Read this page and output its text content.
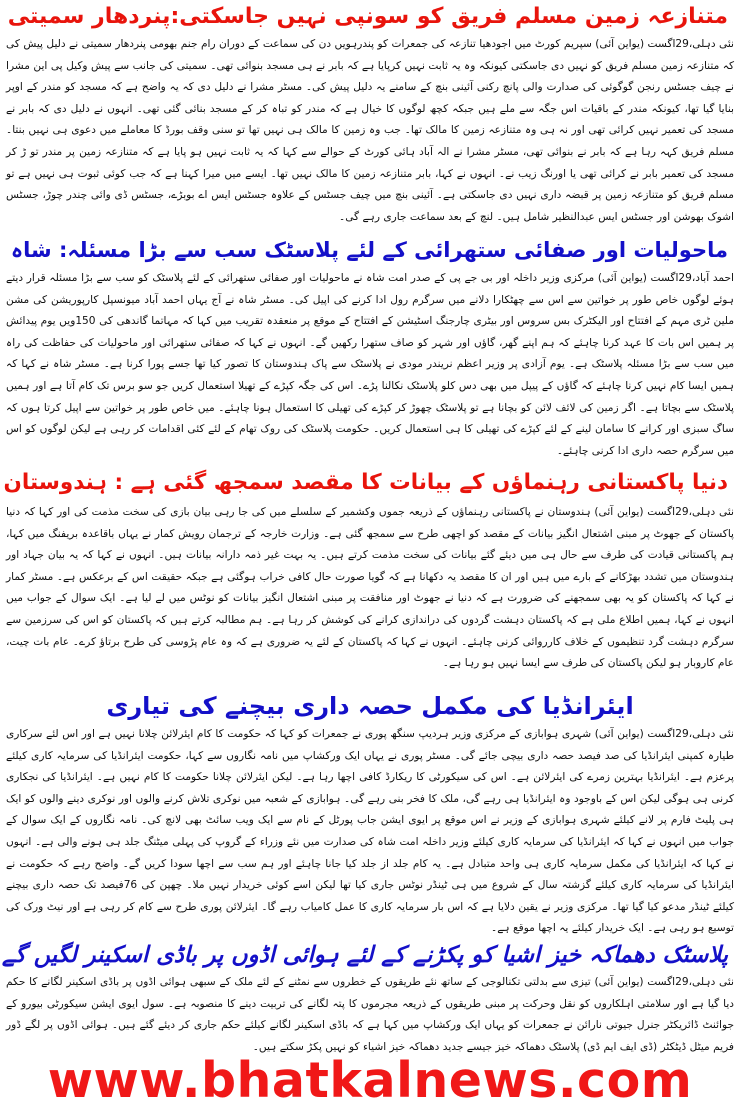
متنازعہ زمین مسلم فریق کو سونپی نہیں جاسکتی:پنردھار سمیتی

نئی دہلی،29اگست (یواین آئی) سپریم کورٹ میں اجودھیا تنازعہ کی جمعرات کو پندرہویں دن کی سماعت کے دوران رام جنم بھومی پنردھار سمیتی نے دلیل پیش کی کہ متنازعہ زمین مسلم فریق کو نہیں دی جاسکتی کیونکہ وہ یہ ثابت نہیں کرپایا ہے کہ بابر نے ہی مسجد بنوائی تھی۔ سمیتی کی جانب سے پیش وکیل پی این مشرا نے چیف جسٹس رنجن گوگوئی کی صدارت والی پانچ رکنی آئینی بنچ کے سامنے یہ دلیل پیش کی۔ مسٹر مشرا نے دلیل دی کہ یہ واضح ہے کہ مسجد کو مندر کے اوپر بنایا گیا تھا، کیونکہ مندر کے باقیات اس جگہ سے ملے ہیں جبکہ کچھ لوگوں کا خیال ہے کہ مندر کو تباہ کر کے مسجد بنائی گئی تھی۔ انہوں نے دلیل دی کہ بابر نے مسجد کی تعمیر نہیں کرائی تھی اور نہ ہی وہ متنازعہ زمین کا مالک تھا۔ جب وہ زمین کا مالک ہی نہیں تھا تو سنی وقف بورڈ کا معاملے میں دعوی ہی نہیں بنتا۔ مسلم فریق کہہ رہا ہے کہ بابر نے بنوائی تھی، مسٹر مشرا نے الہ آباد ہائی کورٹ کے حوالے سے کہا کہ یہ ثابت نہیں ہو پایا ہے کہ متنازعہ زمین پر مندر تو ڑ کر مسجد کی تعمیر بابر نے کرائی تھی یا اورنگ زیب نے۔ انہوں نے کہا، بابر متنازعہ زمین کا مالک نہیں تھا۔ ایسے میں میرا کہنا ہے کہ جب کوئی ثبوت ہی نہیں ہے تو مسلم فریق کو متنازعہ زمین پر قبضہ داری نہیں دی جاسکتی ہے۔ آئینی بنچ میں چیف جسٹس کے علاوہ جسٹس ایس اے بوبڑے، جسٹس ڈی وائی چندر چوڑ، جسٹس اشوک بھوشن اور جسٹس ایس عبدالنظیر شامل ہیں۔ لنچ کے بعد سماعت جاری رہے گی۔

ماحولیات اور صفائی ستھرائی کے لئے پلاسٹک سب سے بڑا مسئلہ: شاہ

احمد آباد،29اگست (یواین آئی) مرکزی وزیر داخلہ اور بی جے پی کے صدر امت شاہ نے ماحولیات اور صفائی ستھرائی کے لئے پلاسٹک کو سب سے بڑا مسئلہ قرار دیتے ہوئے لوگوں خاص طور پر خواتین سے اس سے چھٹکارا دلانے میں سرگرم رول ادا کرنے کی اپیل کی۔ مسٹر شاہ نے آج یہاں احمد آباد میونسپل کارپوریشن کی مشن ملین ٹری مہم کے افتتاح اور الیکٹرک بس سروس اور بیٹری چارجنگ اسٹیشن کے افتتاح کے موقع پر منعقدہ تقریب میں کہا کہ مہاتما گاندھی کی 150ویں یوم پیدائش پر ہمیں اس بات کا عہد کرنا چاہئے کہ ہم اپنے گھر، گاؤں اور شہر کو صاف ستھرا رکھیں گے۔ انہوں نے کہا کہ صفائی ستھرائی اور ماحولیات کی حفاظت کی راہ میں سب سے بڑا مسئلہ پلاسٹک ہے۔ یوم آزادی پر وزیر اعظم نریندر مودی نے پلاسٹک سے پاک ہندوستان کا تصور کیا تھا جسے پورا کرنا ہے۔ مسٹر شاہ نے کہا کہ ہمیں ایسا کام نہیں کرنا چاہئے کہ گاؤں کے پیپل میں بھی دس کلو پلاسٹک نکالنا پڑے۔ اس کی جگہ کپڑے کے تھیلا استعمال کریں جو سو برس تک کام آتا ہے اور ہمیں پلاسٹک سے بچاتا ہے۔ اگر زمین کی لائف لائن کو بچانا ہے تو پلاسٹک چھوڑ کر کپڑے کی تھیلی کا استعمال ہونا چاہئے۔ میں خاص طور پر خواتین سے اپیل کرتا ہوں کہ ساگ سبزی اور کرانے کا سامان لینے کے لئے کپڑے کی تھیلی کا ہی استعمال کریں۔ حکومت پلاسٹک کی روک تھام کے لئے کئی اقدامات کر رہی ہے لیکن لوگوں کو اس میں سرگرم حصہ داری ادا کرنی چاہئے۔

دنیا پاکستانی رہنماؤں کے بیانات کا مقصد سمجھ گئی ہے : ہندوستان

نئی دہلی،29اگست (یواین آئی) ہندوستان نے پاکستانی رہنماؤں کے ذریعہ جموں وکشمیر کے سلسلے میں کی جا رہی بیان بازی کی سخت مذمت کی اور کہا کہ دنیا پاکستان کے جھوٹ پر مبنی اشتعال انگیز بیانات کے مقصد کو اچھی طرح سے سمجھ گئی ہے۔ وزارت خارجہ کے ترجمان رویش کمار نے یہاں باقاعدہ بریفنگ میں کہا، ہم پاکستانی قیادت کی طرف سے حال ہی میں دیئے گئے بیانات کی سخت مذمت کرتے ہیں۔ یہ بہت غیر ذمہ دارانہ بیانات ہیں۔ انہوں نے کہا کہ یہ بیان جہاد اور ہندوستان میں تشدد بھڑکانے کے بارے میں ہیں اور ان کا مقصد یہ دکھانا ہے کہ گویا صورت حال کافی خراب ہوگئی ہے جبکہ حقیقت اس کے برعکس ہے۔ مسٹر کمار نے کہا کہ پاکستان کو یہ بھی سمجھنے کی ضرورت ہے کہ دنیا نے جھوٹ اور منافقت پر مبنی اشتعال انگیز بیانات کو نوٹس میں لے لیا ہے۔ ایک سوال کے جواب میں انہوں نے کہا، ہمیں اطلاع ملی ہے کہ پاکستان دہشت گردوں کی دراندازی کرانے کی کوشش کر رہا ہے۔ ہم مطالبہ کرتے ہیں کہ پاکستان کو اس کی سرزمین سے سرگرم دہشت گرد تنظیموں کے خلاف کارروائی کرنی چاہئے۔ انہوں نے کہا کہ پاکستان کے لئے یہ ضروری ہے کہ وہ عام پڑوسی کی طرح برتاؤ کرے۔ عام بات چیت، عام کاروبار ہو لیکن پاکستان کی طرف سے ایسا نہیں ہو رہا ہے۔

ایئرانڈیا کی مکمل حصہ داری بیچنے کی تیاری

نئی دہلی،29اگست (یواین آئی) شہری ہوابازی کے مرکزی وزیر ہردیپ سنگھ پوری نے جمعرات کو کہا کہ حکومت کا کام ایئرلائن چلانا نہیں ہے اور اس لئے سرکاری طیارہ کمپنی ایئرانڈیا کی صد فیصد حصہ داری بیچی جائے گی۔ مسٹر پوری نے یہاں ایک ورکشاپ میں نامہ نگاروں سے کہا، حکومت ایئرانڈیا کی سرمایہ کاری کیلئے پرعزم ہے۔ ایئرانڈیا بہترین زمرے کی ایئرلائن ہے۔ اس کی سیکورٹی کا ریکارڈ کافی اچھا رہا ہے۔ لیکن ایئرلائن چلانا حکومت کا کام نہیں ہے۔ ایئرانڈیا کی نجکاری کرنی ہی ہوگی لیکن اس کے باوجود وہ ایئرانڈیا ہی رہے گی، ملک کا فخر بنی رہے گی۔ ہوابازی کے شعبہ میں نوکری تلاش کرنے والوں اور نوکری دینے والوں کو ایک ہی پلیٹ فارم پر لانے کیلئے شہری ہوابازی کے وزیر نے اس موقع پر ایوی ایشن جاب پورٹل کے نام سے ایک ویب سائٹ بھی لانچ کی۔ نامہ نگاروں کے ایک سوال کے جواب میں انہوں نے کہا کہ ایئرانڈیا کی سرمایہ کاری کیلئے وزیر داخلہ امت شاہ کی صدارت میں نئے وزراء کے گروپ کی پہلی میٹنگ جلد ہی ہونے والی ہے۔ انہوں نے کہا کہ ایئرانڈیا کی مکمل سرمایہ کاری ہی واحد متبادل ہے۔ یہ کام جلد از جلد کیا جانا چاہئے اور ہم سب سے اچھا سودا کریں گے۔ واضح رہے کہ حکومت نے ایئرانڈیا کی سرمایہ کاری کیلئے گزشتہ سال کے شروع میں ہی ٹینڈر نوٹس جاری کیا تھا لیکن اسے کوئی خریدار نہیں ملا۔ چھپن کی 76فیصد تک حصہ داری بیچنے کیلئے ٹینڈر مدعو کیا گیا تھا۔ مرکزی وزیر نے یقین دلایا ہے کہ اس بار سرمایہ کاری کا عمل کامیاب رہے گا۔ ایئرلائن پوری طرح سے کام کر رہی ہے اور نیٹ ورک کی توسیع ہو رہی ہے۔ ایک خریدار کیلئے یہ اچھا موقع ہے۔

پلاسٹک دھماکہ خیز اشیا کو پکڑنے کے لئے ہوائی اڈوں پر باڈی اسکینر لگیں گے

نئی دہلی،29اگست (یواین آئی) تیزی سے بدلتی تکنالوجی کے ساتھ نئے طریقوں کے خطروں سے نمٹنے کے لئے ملک کے سبھی ہوائی اڈوں پر باڈی اسکینر لگانے کا حکم دیا گیا ہے اور سلامتی اہلکاروں کو نقل وحرکت پر مبنی طریقوں کے ذریعہ مجرموں کا پتہ لگانے کی تربیت دینے کا منصوبہ ہے۔ سول ایوی ایشن سیکورٹی بیورو کے جوائنٹ ڈائریکٹر جنرل جیوتی نارائن نے جمعرات کو یہاں ایک ورکشاپ میں کہا ہے کہ باڈی اسکینر لگانے کیلئے حکم جاری کر دیئے گئے ہیں۔ ہوائی اڈوں پر لگے ڈور فریم میٹل ڈیٹکٹر (ڈی ایف ایم ڈی) پلاسٹک دھماکہ خیز جیسے جدید دھماکہ خیز اشیاء کو نہیں پکڑ سکتے ہیں۔

www.bhatkalnews.com
